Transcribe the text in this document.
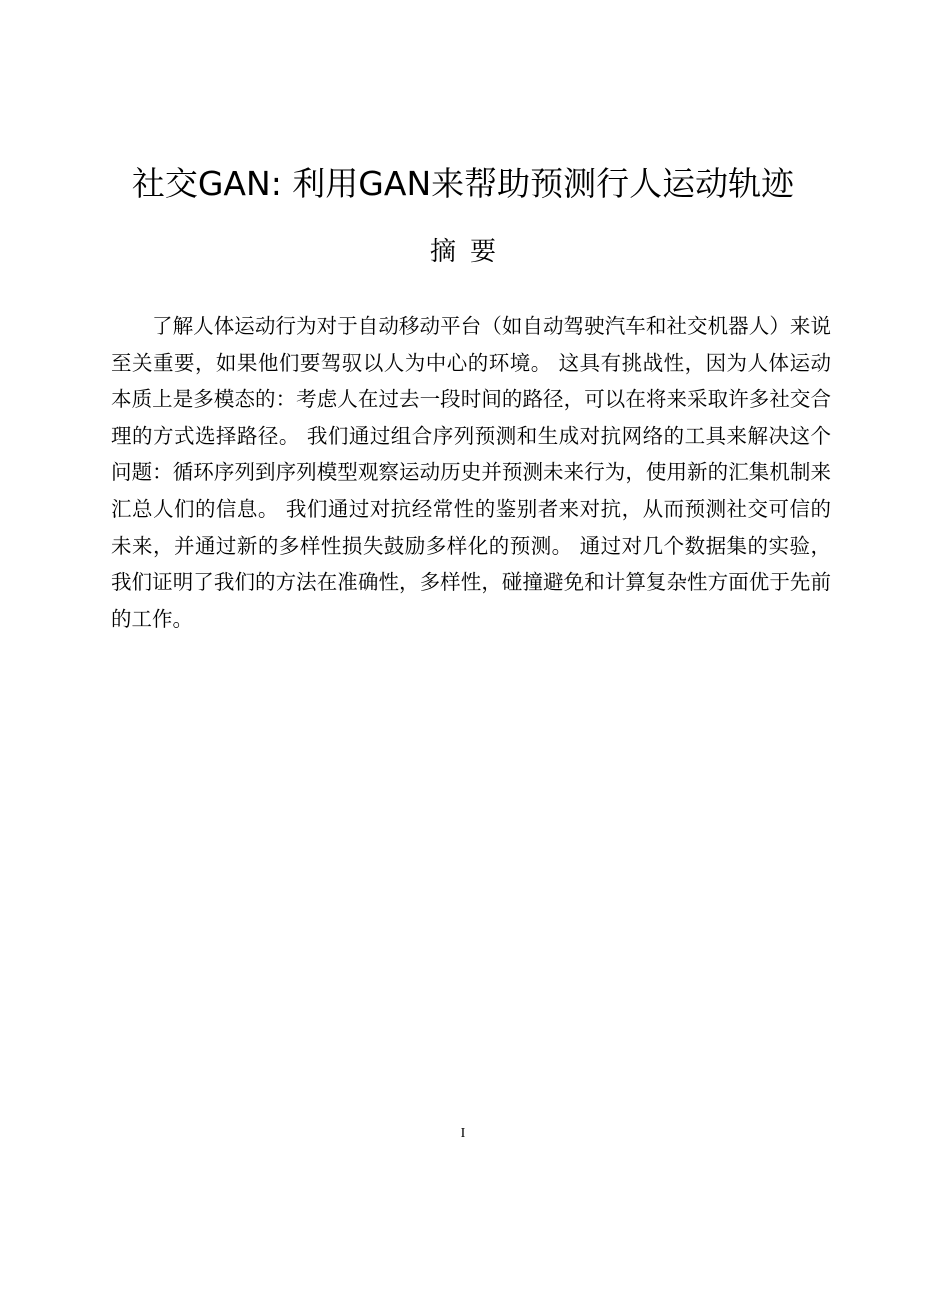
社交GAN: 利用GAN来帮助预测行人运动轨迹
摘要

了解人体运动行为对于自动移动平台（如自动驾驶汽车和社交机器人）来说至关重要，如果他们要驾驭以人为中心的环境。 这具有挑战性，因为人体运动本质上是多模态的：考虑人在过去一段时间的路径，可以在将来采取许多社交合理的方式选择路径。 我们通过组合序列预测和生成对抗网络的工具来解决这个问题：循环序列到序列模型观察运动历史并预测未来行为，使用新的汇集机制来汇总人们的信息。 我们通过对抗经常性的鉴别者来对抗，从而预测社交可信的未来，并通过新的多样性损失鼓励多样化的预测。 通过对几个数据集的实验，我们证明了我们的方法在准确性，多样性，碰撞避免和计算复杂性方面优于先前的工作。

I
